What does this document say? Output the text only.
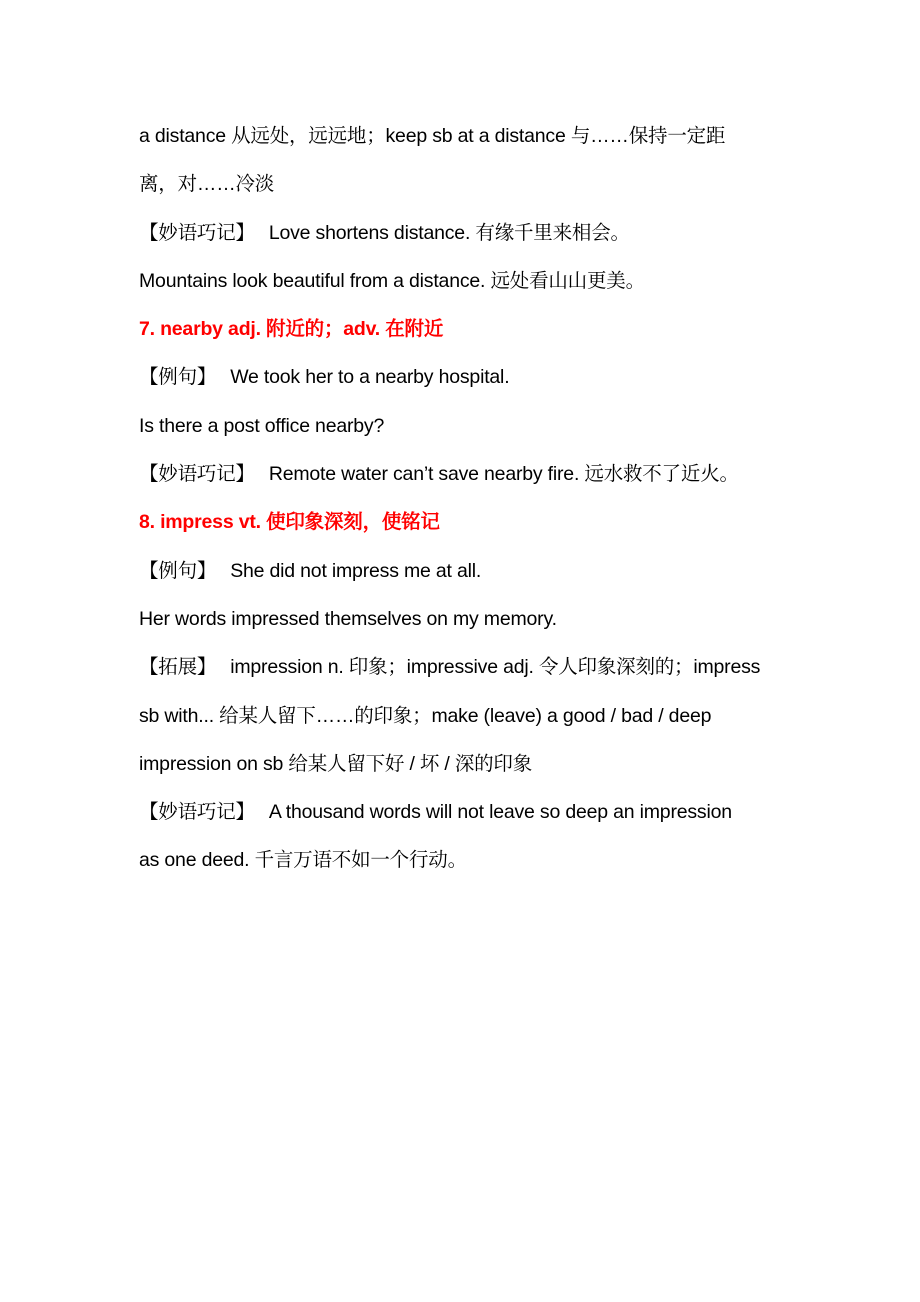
a distance 从远处，远远地；keep sb at a distance 与……保持一定距
离，对……冷淡
【妙语巧记】 Love shortens distance. 有缘千里来相会。
Mountains look beautiful from a distance. 远处看山山更美。
7. nearby adj. 附近的；adv. 在附近
【例句】 We took her to a nearby hospital.
Is there a post office nearby?
【妙语巧记】 Remote water can’t save nearby fire. 远水救不了近火。
8. impress vt. 使印象深刻，使铭记
【例句】 She did not impress me at all.
Her words impressed themselves on my memory.
【拓展】 impression n. 印象；impressive adj. 令人印象深刻的；impress
sb with... 给某人留下……的印象；make (leave) a good / bad / deep
impression on sb 给某人留下好 / 坏 / 深的印象
【妙语巧记】 A thousand words will not leave so deep an impression
as one deed. 千言万语不如一个行动。
